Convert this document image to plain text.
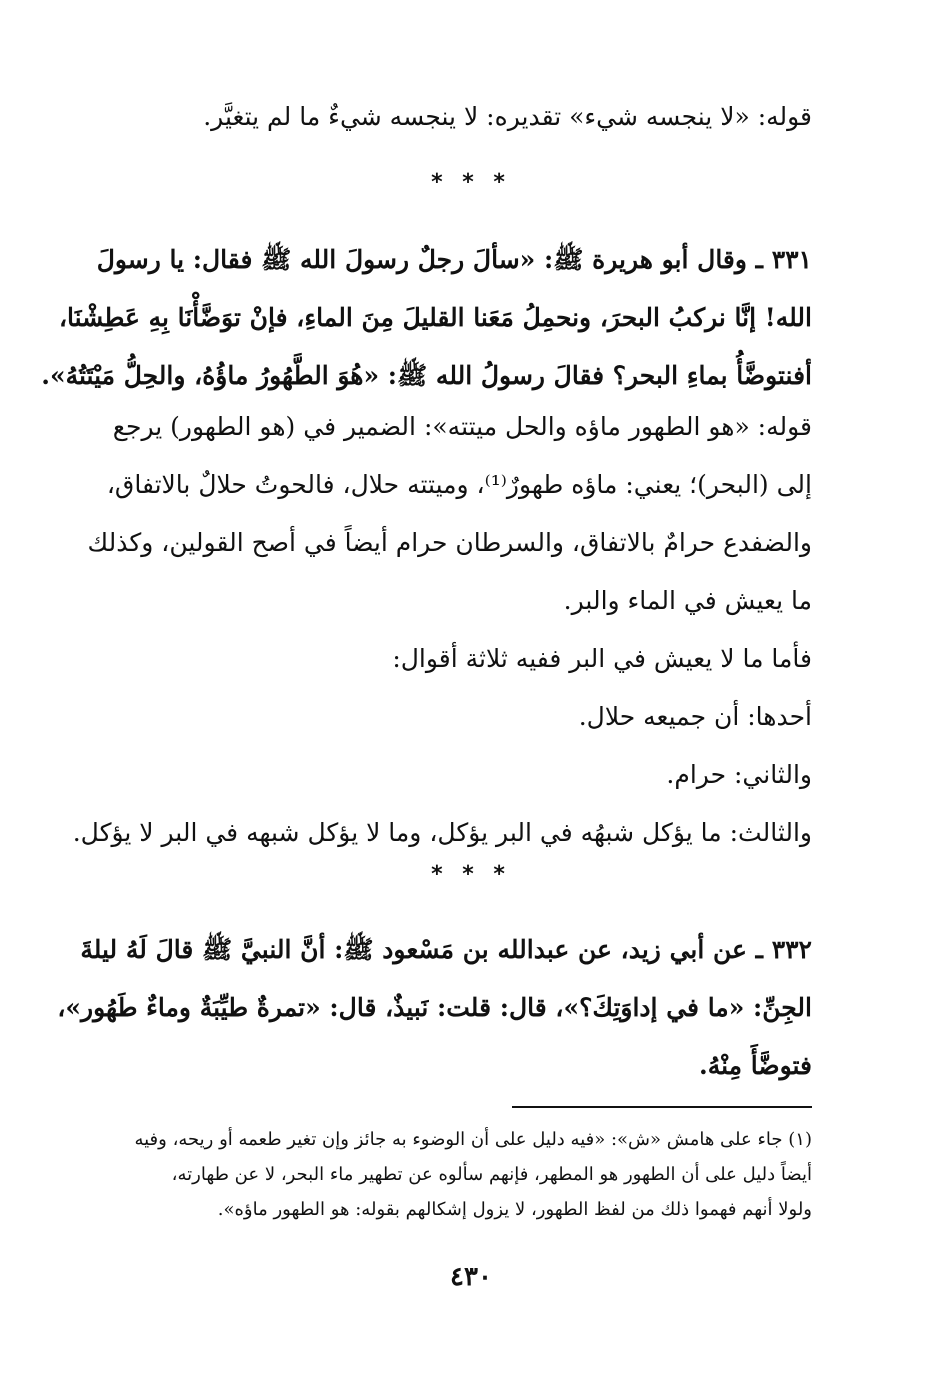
قوله: «لا ينجسه شيء» تقديره: لا ينجسه شيءٌ ما لم يتغيَّر.
* * *
٣٣١ ـ وقال أبو هريرة ﷺ: «سألَ رجلٌ رسولَ الله ﷺ فقال: يا رسولَ
الله! إنَّا نركبُ البحرَ، ونحمِلُ مَعَنا القليلَ مِنَ الماءِ، فإنْ توَضَّأْنَا بِهِ عَطِشْنَا،
أفنتوضَّأُ بماءِ البحر؟ فقالَ رسولُ الله ﷺ: «هُوَ الطَّهُورُ ماؤُهُ، والحِلُّ مَيْتَتُهُ».
قوله: «هو الطهور ماؤه والحل ميتته»: الضمير في (هو الطهور) يرجع
إلى (البحر)؛ يعني: ماؤه طهورٌ⁽¹⁾، وميتته حلال، فالحوتُ حلالٌ بالاتفاق،
والضفدع حرامٌ بالاتفاق، والسرطان حرام أيضاً في أصح القولين، وكذلك
ما يعيش في الماء والبر.
فأما ما لا يعيش في البر ففيه ثلاثة أقوال:
أحدها: أن جميعه حلال.
والثاني: حرام.
والثالث: ما يؤكل شبهُه في البر يؤكل، وما لا يؤكل شبهه في البر لا يؤكل.
* * *
٣٣٢ ـ عن أبي زيد، عن عبدالله بن مَسْعود ﷺ: أنَّ النبيَّ ﷺ قالَ لَهُ ليلةَ
الجِنِّ: «ما في إداوَتِكَ؟»، قال: قلت: نَبيذٌ، قال: «تمرةٌ طيِّبَةٌ وماءٌ طَهُور»،
فتوضَّأَ مِنْهُ.
(١) جاء على هامش «ش»: «فيه دليل على أن الوضوء به جائز وإن تغير طعمه أو ريحه، وفيه
أيضاً دليل على أن الطهور هو المطهر، فإنهم سألوه عن تطهير ماء البحر، لا عن طهارته،
ولولا أنهم فهموا ذلك من لفظ الطهور، لا يزول إشكالهم بقوله: هو الطهور ماؤه».
٤٣٠
